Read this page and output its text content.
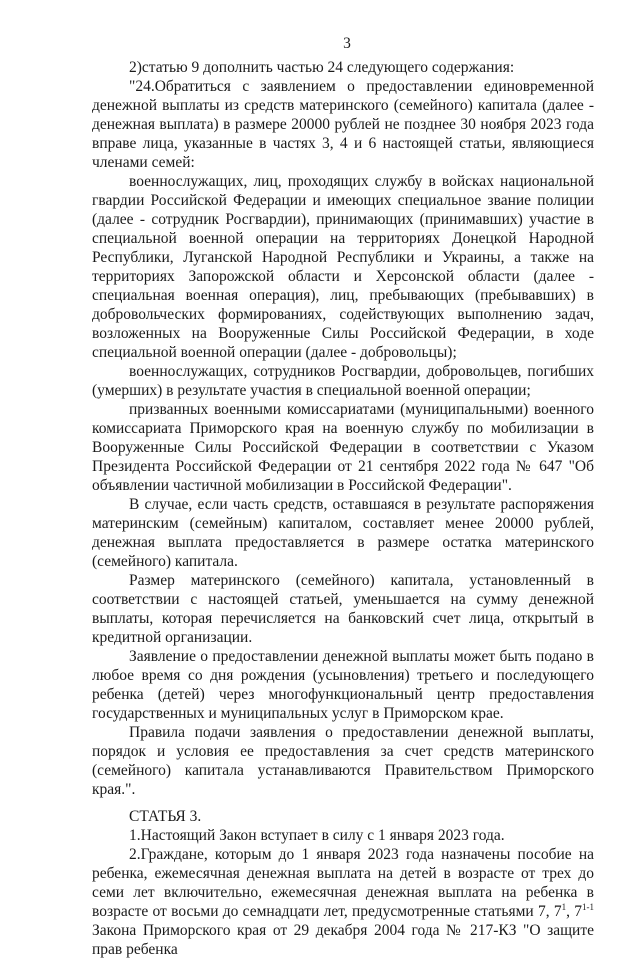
3

2)статью 9 дополнить частью 24 следующего содержания:

"24.Обратиться с заявлением о предоставлении единовременной денежной выплаты из средств материнского (семейного) капитала (далее - денежная выплата) в размере 20000 рублей не позднее 30 ноября 2023 года вправе лица, указанные в частях 3, 4 и 6 настоящей статьи, являющиеся членами семей:

военнослужащих, лиц, проходящих службу в войсках национальной гвардии Российской Федерации и имеющих специальное звание полиции (далее - сотрудник Росгвардии), принимающих (принимавших) участие в специальной военной операции на территориях Донецкой Народной Республики, Луганской Народной Республики и Украины, а также на территориях Запорожской области и Херсонской области (далее - специальная военная операция), лиц, пребывающих (пребывавших) в добровольческих формированиях, содействующих выполнению задач, возложенных на Вооруженные Силы Российской Федерации, в ходе специальной военной операции (далее - добровольцы);

военнослужащих, сотрудников Росгвардии, добровольцев, погибших (умерших) в результате участия в специальной военной операции;

призванных военными комиссариатами (муниципальными) военного комиссариата Приморского края на военную службу по мобилизации в Вооруженные Силы Российской Федерации в соответствии с Указом Президента Российской Федерации от 21 сентября 2022 года № 647 "Об объявлении частичной мобилизации в Российской Федерации".

В случае, если часть средств, оставшаяся в результате распоряжения материнским (семейным) капиталом, составляет менее 20000 рублей, денежная выплата предоставляется в размере остатка материнского (семейного) капитала.

Размер материнского (семейного) капитала, установленный в соответствии с настоящей статьей, уменьшается на сумму денежной выплаты, которая перечисляется на банковский счет лица, открытый в кредитной организации.

Заявление о предоставлении денежной выплаты может быть подано в любое время со дня рождения (усыновления) третьего и последующего ребенка (детей) через многофункциональный центр предоставления государственных и муниципальных услуг в Приморском крае.

Правила подачи заявления о предоставлении денежной выплаты, порядок и условия ее предоставления за счет средств материнского (семейного) капитала устанавливаются Правительством Приморского края.".

СТАТЬЯ 3.

1.Настоящий Закон вступает в силу с 1 января 2023 года.

2.Граждане, которым до 1 января 2023 года назначены пособие на ребенка, ежемесячная денежная выплата на детей в возрасте от трех до семи лет включительно, ежемесячная денежная выплата на ребенка в возрасте от восьми до семнадцати лет, предусмотренные статьями 7, $7^1$, 7$^{1-1}$ Закона Приморского края от 29 декабря 2004 года № 217-КЗ "О защите прав ребенка
